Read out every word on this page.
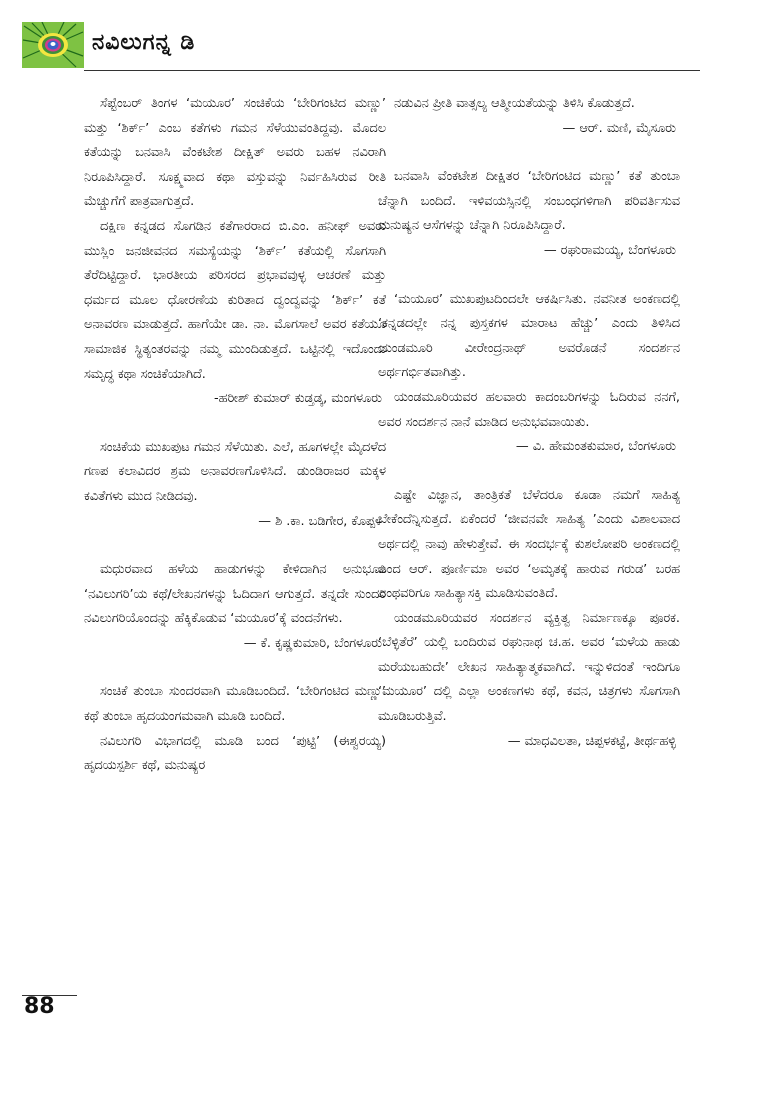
ನವಿಲುಗನ್ನ ಡಿ

ಸೆಪ್ಟೆಂಬರ್ ತಿಂಗಳ ‘ಮಯೂರ’ ಸಂಚಿಕೆಯ ‘ಬೇರಿಗಂಟಿದ ಮಣ್ಣು’ ಮತ್ತು ‘ಶಿರ್ಕ್’ ಎಂಬ ಕತೆಗಳು ಗಮನ ಸೆಳೆಯುವಂತಿದ್ದವು. ಮೊದಲ ಕತೆಯನ್ನು ಬನವಾಸಿ ವೆಂಕಟೇಶ ದೀಕ್ಷಿತ್ ಅವರು ಬಹಳ ನವಿರಾಗಿ ನಿರೂಪಿಸಿದ್ದಾರೆ. ಸೂಕ್ಷ್ಮವಾದ ಕಥಾ ವಸ್ತುವನ್ನು ನಿರ್ವಹಿಸಿರುವ ರೀತಿ ಮೆಚ್ಚುಗೆಗೆ ಪಾತ್ರವಾಗುತ್ತದೆ.

ದಕ್ಷಿಣ ಕನ್ನಡದ ಸೊಗಡಿನ ಕತೆಗಾರರಾದ ಬಿ.ಎಂ. ಹನೀಫ್ ಅವರು ಮುಸ್ಲಿಂ ಜನಜೀವನದ ಸಮಸ್ಯೆಯನ್ನು ‘ಶಿರ್ಕ್’ ಕತೆಯಲ್ಲಿ ಸೊಗಸಾಗಿ ತೆರೆದಿಟ್ಟಿದ್ದಾರೆ. ಭಾರತೀಯ ಪರಿಸರದ ಪ್ರಭಾವವುಳ್ಳ ಆಚರಣೆ ಮತ್ತು ಧರ್ಮದ ಮೂಲ ಧೋರಣೆಯ ಕುರಿತಾದ ದ್ವಂದ್ವವನ್ನು ‘ಶಿರ್ಕ್’ ಕತೆ ಅನಾವರಣ ಮಾಡುತ್ತದೆ. ಹಾಗೆಯೇ ಡಾ. ನಾ. ಮೊಗಸಾಲೆ ಅವರ ಕತೆಯೂ ಸಾಮಾಜಿಕ ಸ್ಥಿತ್ಯಂತರವನ್ನು ನಮ್ಮ ಮುಂದಿಡುತ್ತದೆ. ಒಟ್ಟಿನಲ್ಲಿ ಇದೊಂದು ಸಮೃದ್ಧ ಕಥಾ ಸಂಚಿಕೆಯಾಗಿದೆ.

-ಹರೀಶ್ ಕುಮಾರ್ ಕುಡ್ತಡ್ಕ, ಮಂಗಳೂರು

ಸಂಚಿಕೆಯ ಮುಖಪುಟ ಗಮನ ಸೆಳೆಯಿತು. ಎಲೆ, ಹೂಗಳಲ್ಲೇ ಮೈದಳೆದ ಗಣಪ ಕಲಾವಿದರ ಶ್ರಮ ಅನಾವರಣಗೊಳಿಸಿದೆ. ಡುಂಡಿರಾಜರ ಮಕ್ಕಳ ಕವಿತೆಗಳು ಮುದ ನೀಡಿದವು.

— ಶಿ .ಕಾ. ಬಡಿಗೇರ, ಕೊಪ್ಪಳ

ಮಧುರವಾದ ಹಳೆಯ ಹಾಡುಗಳನ್ನು ಕೇಳಿದಾಗಿನ ಅನುಭೂತಿ ‘ನವಿಲುಗರಿ’ಯ ಕಥೆ/ಲೇಖನಗಳನ್ನು ಓದಿದಾಗ ಆಗುತ್ತದೆ. ತನ್ನದೇ ಸುಂದರ ನವಿಲುಗರಿಯೊಂದನ್ನು ಹೆಕ್ಕಿಕೊಡುವ ‘ಮಯೂರ’ಕ್ಕೆ ವಂದನೆಗಳು.

— ಕೆ. ಕೃಷ್ಣಕುಮಾರಿ, ಬೆಂಗಳೂರು

ಸಂಚಿಕೆ ತುಂಬಾ ಸುಂದರವಾಗಿ ಮೂಡಿಬಂದಿದೆ. ‘ಬೇರಿಗಂಟಿದ ಮಣ್ಣು’ ಕಥೆ ತುಂಬಾ ಹೃದಯಂಗಮವಾಗಿ ಮೂಡಿ ಬಂದಿದೆ.

ನವಿಲುಗರಿ ವಿಭಾಗದಲ್ಲಿ ಮೂಡಿ ಬಂದ ‘ಪುಟ್ಟಿ’ (ಈಶ್ವರಯ್ಯ) ಹೃದಯಸ್ಪರ್ಶಿ ಕಥೆ, ಮನುಷ್ಯರ

ನಡುವಿನ ಪ್ರೀತಿ ವಾತ್ಸಲ್ಯ ಆತ್ಮೀಯತೆಯನ್ನು ತಿಳಿಸಿ ಕೊಡುತ್ತದೆ.

— ಆರ್. ಮಣಿ, ಮೈಸೂರು

ಬನವಾಸಿ ವೆಂಕಟೇಶ ದೀಕ್ಷಿತರ ‘ಬೇರಿಗಂಟಿದ ಮಣ್ಣು’ ಕತೆ ತುಂಬಾ ಚೆನ್ನಾಗಿ ಬಂದಿದೆ. ಇಳಿವಯಸ್ಸಿನಲ್ಲಿ ಸಂಬಂಧಗಳಿಗಾಗಿ ಪರಿವರ್ತಿಸುವ ಮನುಷ್ಯನ ಆಸೆಗಳನ್ನು ಚೆನ್ನಾಗಿ ನಿರೂಪಿಸಿದ್ದಾರೆ.

— ರಘುರಾಮಯ್ಯ, ಬೆಂಗಳೂರು

‘ಮಯೂರ’ ಮುಖಪುಟದಿಂದಲೇ ಆಕರ್ಷಿಸಿತು. ನವನೀತ ಅಂಕಣದಲ್ಲಿ ‘ಕನ್ನಡದಲ್ಲೇ ನನ್ನ ಪುಸ್ತಕಗಳ ಮಾರಾಟ ಹೆಚ್ಚು’ ಎಂದು ತಿಳಿಸಿದ ಯಂಡಮೂರಿ ವೀರೇಂದ್ರನಾಥ್ ಅವರೊಡನೆ ಸಂದರ್ಶನ ಅರ್ಥಗರ್ಭಿತವಾಗಿತ್ತು.

ಯಂಡಮೂರಿಯವರ ಹಲವಾರು ಕಾದಂಬರಿಗಳನ್ನು ಓದಿರುವ ನನಗೆ, ಅವರ ಸಂದರ್ಶನ ನಾನೆ ಮಾಡಿದ ಅನುಭವವಾಯಿತು.

— ವಿ. ಹೇಮಂತಕುಮಾರ, ಬೆಂಗಳೂರು

ಎಷ್ಟೇ ವಿಜ್ಞಾನ, ತಾಂತ್ರಿಕತೆ ಬೆಳೆದರೂ ಕೂಡಾ ನಮಗೆ ಸಾಹಿತ್ಯ ಬೇಕೆಂದೆನ್ನಿಸುತ್ತದೆ. ಏಕೆಂದರೆ ‘ಜೀವನವೇ ಸಾಹಿತ್ಯ ’ಎಂದು ವಿಶಾಲವಾದ ಅರ್ಥದಲ್ಲಿ ನಾವು ಹೇಳುತ್ತೇವೆ. ಈ ಸಂದರ್ಭಕ್ಕೆ ಕುಶಲೋಪರಿ ಅಂಕಣದಲ್ಲಿ ಬಂದ ಆರ್. ಪೂರ್ಣಿಮಾ ಅವರ ‘ಅಮೃತಕ್ಕೆ ಹಾರುವ ಗರುಡ’ ಬರಹ ಎಂಥವರಿಗೂ ಸಾಹಿತ್ಯಾಸಕ್ತಿ ಮೂಡಿಸುವಂತಿದೆ.

ಯಂಡಮೂರಿಯವರ ಸಂದರ್ಶನ ವ್ಯಕ್ತಿತ್ವ ನಿರ್ಮಾಣಕ್ಕೂ ಪೂರಕ. ‘ಬೆಳ್ಳಿತೆರೆ’ ಯಲ್ಲಿ ಬಂದಿರುವ ರಘುನಾಥ ಚ.ಹ. ಅವರ ‘ಮಳೆಯ ಹಾಡು ಮರೆಯಬಹುದೇ’ ಲೇಖನ ಸಾಹಿತ್ಯಾತ್ಮಕವಾಗಿದೆ. ಇನ್ನುಳಿದಂತೆ ಇಂದಿಗೂ ‘ಮಯೂರ’ ದಲ್ಲಿ ಎಲ್ಲಾ ಅಂಕಣಗಳು ಕಥೆ, ಕವನ, ಚಿತ್ರಗಳು ಸೊಗಸಾಗಿ ಮೂಡಿಬರುತ್ತಿವೆ.

— ಮಾಧವಿಲತಾ, ಚಿಪ್ಪಳಕಟ್ಟೆ, ತೀರ್ಥಹಳ್ಳಿ
88
